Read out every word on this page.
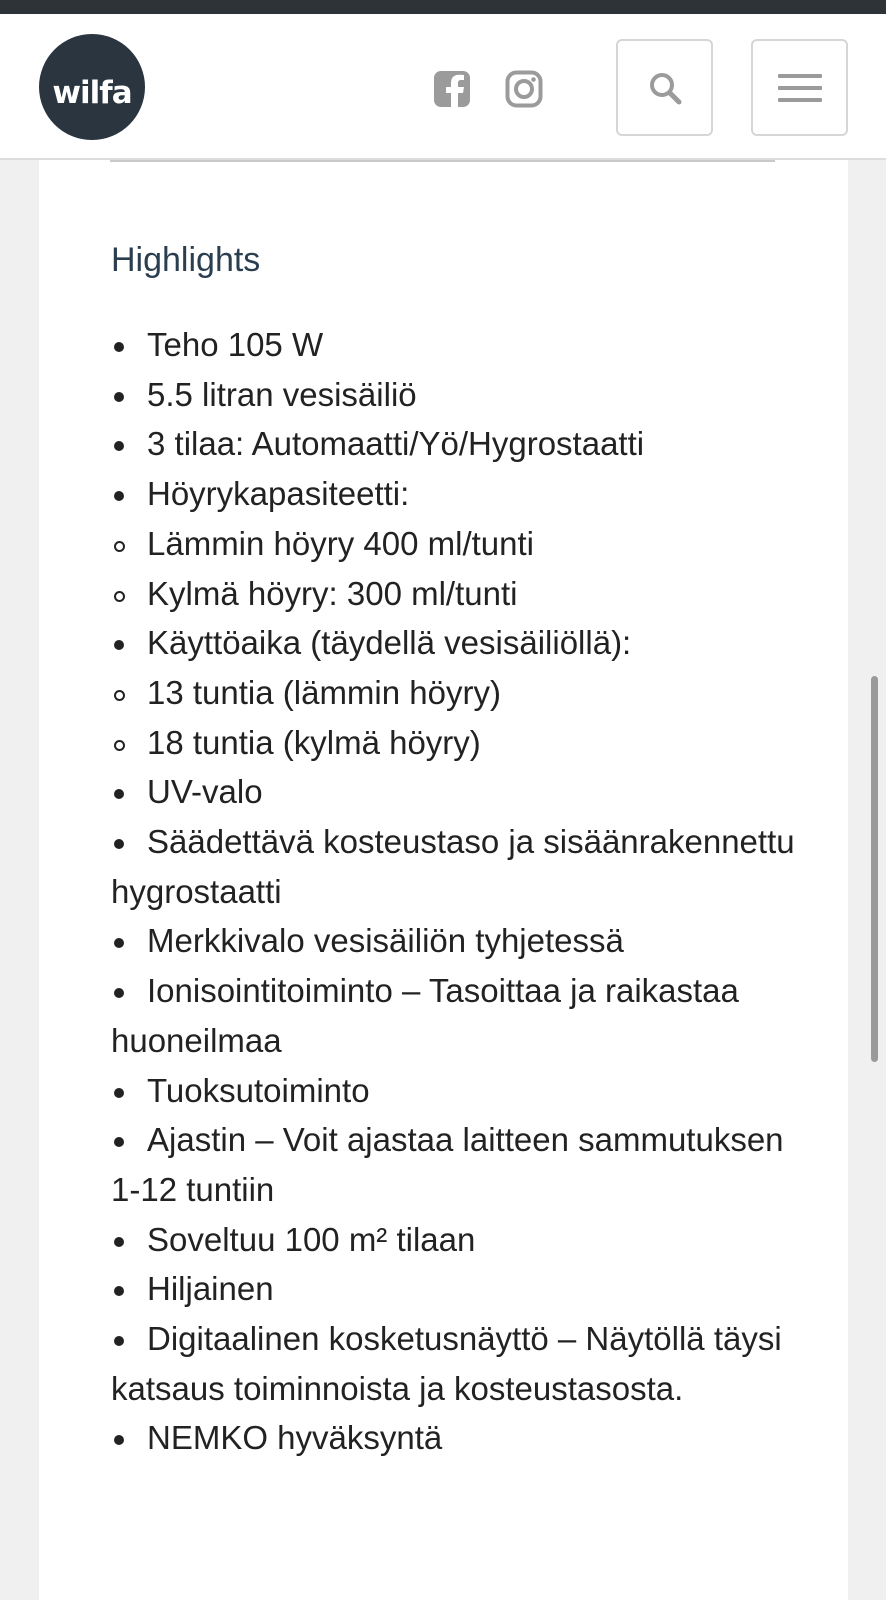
wilfa
Highlights
Teho 105 W
5.5 litran vesisäiliö
3 tilaa: Automaatti/Yö/Hygrostaatti
Höyrykapasiteetti:
Lämmin höyry 400 ml/tunti
Kylmä höyry: 300 ml/tunti
Käyttöaika (täydellä vesisäiliöllä):
13 tuntia (lämmin höyry)
18 tuntia (kylmä höyry)
UV-valo
Säädettävä kosteustaso ja sisäänrakennettu hygrostaatti
Merkkivalo vesisäiliön tyhjetessä
Ionisointitoiminto – Tasoittaa ja raikastaa huoneilmaa
Tuoksutoiminto
Ajastin – Voit ajastaa laitteen sammutuksen 1-12 tuntiin
Soveltuu 100 m² tilaan
Hiljainen
Digitaalinen kosketusnäyttö – Näytöllä täysi katsaus toiminnoista ja kosteustasosta.
NEMKO hyväksyntä
